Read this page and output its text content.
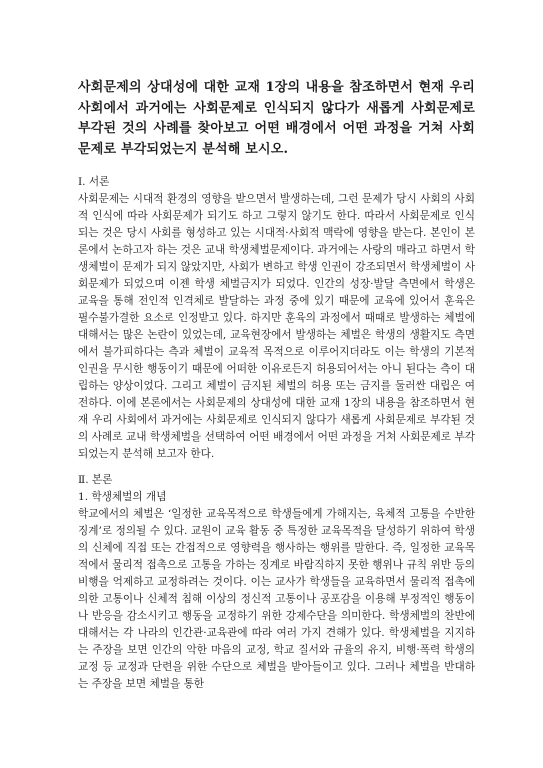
사회문제의 상대성에 대한 교재 1장의 내용을 참조하면서 현재 우리 사회에서 과거에는 사회문제로 인식되지 않다가 새롭게 사회문제로 부각된 것의 사례를 찾아보고 어떤 배경에서 어떤 과정을 거쳐 사회문제로 부각되었는지 분석해 보시오.

Ⅰ. 서론

사회문제는 시대적 환경의 영향을 받으면서 발생하는데, 그런 문제가 당시 사회의 사회적 인식에 따라 사회문제가 되기도 하고 그렇지 않기도 한다. 따라서 사회문제로 인식되는 것은 당시 사회를 형성하고 있는 시대적·사회적 맥락에 영향을 받는다. 본인이 본론에서 논하고자 하는 것은 교내 학생체벌문제이다. 과거에는 사랑의 매라고 하면서 학생체벌이 문제가 되지 않았지만, 사회가 변하고 학생 인권이 강조되면서 학생체벌이 사회문제가 되었으며 이젠 학생 체벌금지가 되었다. 인간의 성장·발달 측면에서 학생은 교육을 통해 전인적 인격체로 발달하는 과정 중에 있기 때문에 교육에 있어서 훈육은 필수불가결한 요소로 인정받고 있다. 하지만 훈육의 과정에서 때때로 발생하는 체벌에 대해서는 많은 논란이 있었는데, 교육현장에서 발생하는 체벌은 학생의 생활지도 측면에서 불가피하다는 측과 체벌이 교육적 목적으로 이루어지더라도 이는 학생의 기본적 인권을 무시한 행동이기 때문에 어떠한 이유로든지 허용되어서는 아니 된다는 측이 대립하는 양상이었다. 그리고 체벌이 금지된 체벌의 허용 또는 금지를 둘러싼 대립은 여전하다. 이에 본론에서는 사회문제의 상대성에 대한 교재 1장의 내용을 참조하면서 현재 우리 사회에서 과거에는 사회문제로 인식되지 않다가 새롭게 사회문제로 부각된 것의 사례로 교내 학생체벌을 선택하여 어떤 배경에서 어떤 과정을 거쳐 사회문제로 부각되었는지 분석해 보고자 한다.

Ⅱ. 본론

1. 학생체벌의 개념

학교에서의 체벌은 ‘일정한 교육목적으로 학생들에게 가해지는, 육체적 고통을 수반한 징계’로 정의될 수 있다. 교원이 교육 활동 중 특정한 교육목적을 달성하기 위하여 학생의 신체에 직접 또는 간접적으로 영향력을 행사하는 행위를 말한다. 즉, 일정한 교육목적에서 물리적 접촉으로 고통을 가하는 징계로 바람직하지 못한 행위나 규칙 위반 등의 비행을 억제하고 교정하려는 것이다. 이는 교사가 학생들을 교육하면서 물리적 접촉에 의한 고통이나 신체적 침해 이상의 정신적 고통이나 공포감을 이용해 부정적인 행동이나 반응을 감소시키고 행동을 교정하기 위한 강제수단을 의미한다. 학생체벌의 찬반에 대해서는 각 나라의 인간관·교육관에 따라 여러 가지 견해가 있다. 학생체벌을 지지하는 주장을 보면 인간의 악한 마음의 교정, 학교 질서와 규율의 유지, 비행·폭력 학생의 교정 등 교정과 단련을 위한 수단으로 체벌을 받아들이고 있다. 그러나 체벌을 반대하는 주장을 보면 체벌을 통한
